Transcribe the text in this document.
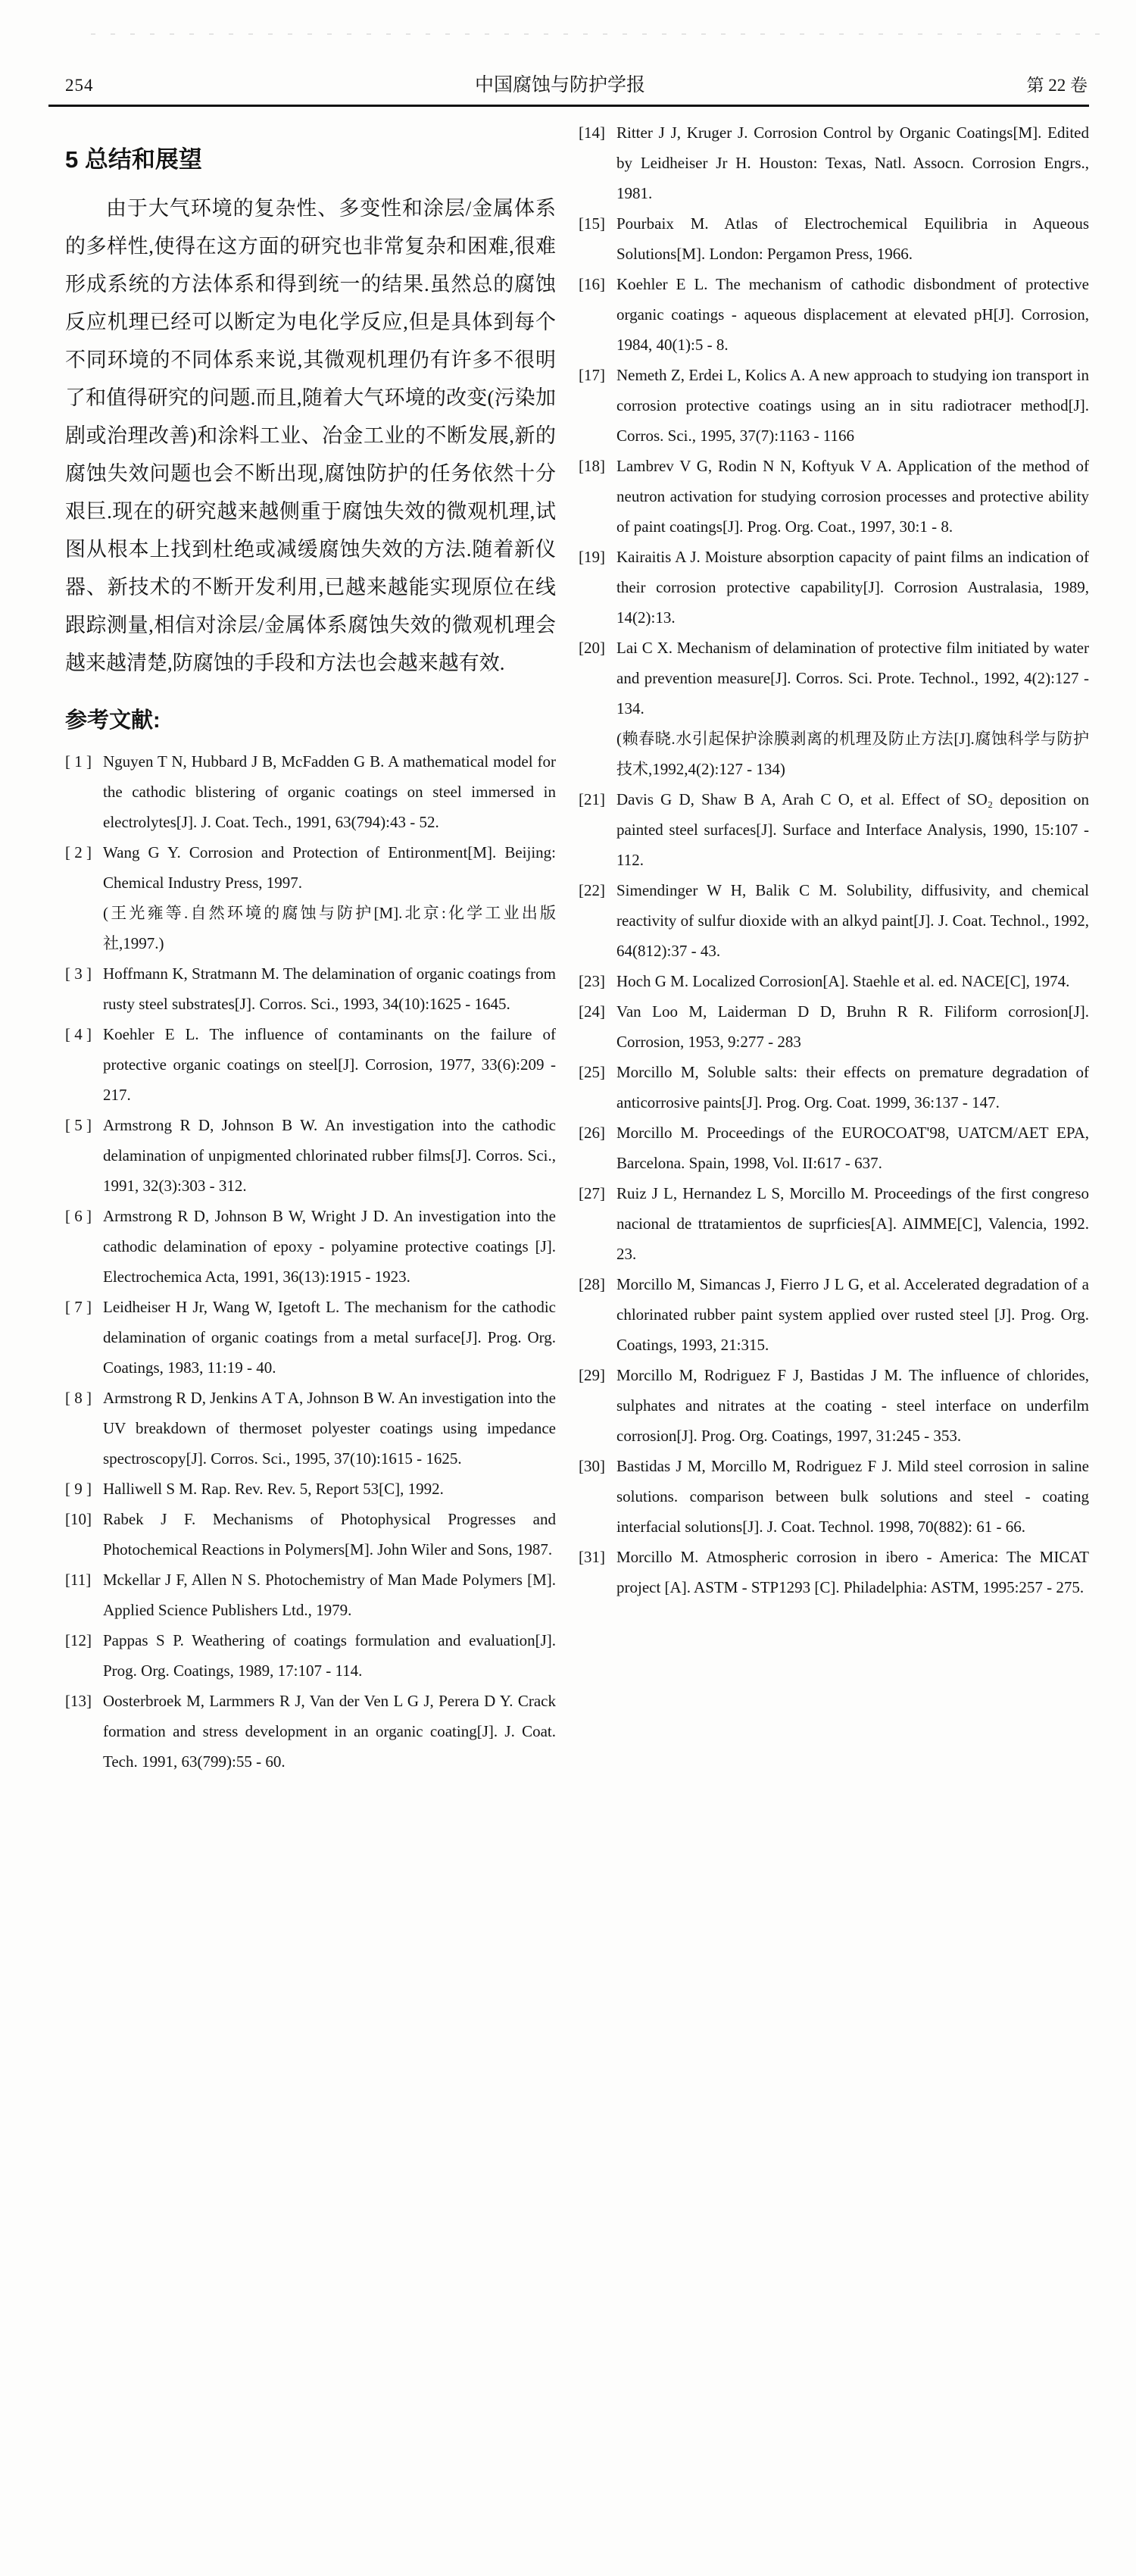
254	中国腐蚀与防护学报	第 22 卷
5 总结和展望

由于大气环境的复杂性、多变性和涂层/金属体系的多样性,使得在这方面的研究也非常复杂和困难,很难形成系统的方法体系和得到统一的结果.虽然总的腐蚀反应机理已经可以断定为电化学反应,但是具体到每个不同环境的不同体系来说,其微观机理仍有许多不很明了和值得研究的问题.而且,随着大气环境的改变(污染加剧或治理改善)和涂料工业、冶金工业的不断发展,新的腐蚀失效问题也会不断出现,腐蚀防护的任务依然十分艰巨.现在的研究越来越侧重于腐蚀失效的微观机理,试图从根本上找到杜绝或减缓腐蚀失效的方法.随着新仪器、新技术的不断开发利用,已越来越能实现原位在线跟踪测量,相信对涂层/金属体系腐蚀失效的微观机理会越来越清楚,防腐蚀的手段和方法也会越来越有效.

参考文献:
[ 1 ] Nguyen T N, Hubbard J B, McFadden G B. A mathematical model for the cathodic blistering of organic coatings on steel immersed in electrolytes[J]. J. Coat. Tech., 1991, 63(794):43 - 52.
[ 2 ] Wang G Y. Corrosion and Protection of Entironment[M]. Beijing: Chemical Industry Press, 1997.
(王光雍等.自然环境的腐蚀与防护[M].北京:化学工业出版社,1997.)
[ 3 ] Hoffmann K, Stratmann M. The delamination of organic coatings from rusty steel substrates[J]. Corros. Sci., 1993, 34(10):1625 - 1645.
[ 4 ] Koehler E L. The influence of contaminants on the failure of protective organic coatings on steel[J]. Corrosion, 1977, 33(6):209 - 217.
[ 5 ] Armstrong R D, Johnson B W. An investigation into the cathodic delamination of unpigmented chlorinated rubber films[J]. Corros. Sci., 1991, 32(3):303 - 312.
[ 6 ] Armstrong R D, Johnson B W, Wright J D. An investigation into the cathodic delamination of epoxy - polyamine protective coatings [J]. Electrochemica Acta, 1991, 36(13):1915 - 1923.
[ 7 ] Leidheiser H Jr, Wang W, Igetoft L. The mechanism for the cathodic delamination of organic coatings from a metal surface[J]. Prog. Org. Coatings, 1983, 11:19 - 40.
[ 8 ] Armstrong R D, Jenkins A T A, Johnson B W. An investigation into the UV breakdown of thermoset polyester coatings using impedance spectroscopy[J]. Corros. Sci., 1995, 37(10):1615 - 1625.
[ 9 ] Halliwell S M. Rap. Rev. Rev. 5, Report 53[C], 1992.
[10] Rabek J F. Mechanisms of Photophysical Progresses and Photochemical Reactions in Polymers[M]. John Wiler and Sons, 1987.
[11] Mckellar J F, Allen N S. Photochemistry of Man Made Polymers [M]. Applied Science Publishers Ltd., 1979.
[12] Pappas S P. Weathering of coatings formulation and evaluation[J]. Prog. Org. Coatings, 1989, 17:107 - 114.
[13] Oosterbroek M, Larmmers R J, Van der Ven L G J, Perera D Y. Crack formation and stress development in an organic coating[J]. J. Coat. Tech. 1991, 63(799):55 - 60.
[14] Ritter J J, Kruger J. Corrosion Control by Organic Coatings[M]. Edited by Leidheiser Jr H. Houston: Texas, Natl. Assocn. Corrosion Engrs., 1981.
[15] Pourbaix M. Atlas of Electrochemical Equilibria in Aqueous Solutions[M]. London: Pergamon Press, 1966.
[16] Koehler E L. The mechanism of cathodic disbondment of protective organic coatings - aqueous displacement at elevated pH[J]. Corrosion, 1984, 40(1):5 - 8.
[17] Nemeth Z, Erdei L, Kolics A. A new approach to studying ion transport in corrosion protective coatings using an in situ radiotracer method[J]. Corros. Sci., 1995, 37(7):1163 - 1166
[18] Lambrev V G, Rodin N N, Koftyuk V A. Application of the method of neutron activation for studying corrosion processes and protective ability of paint coatings[J]. Prog. Org. Coat., 1997, 30:1 - 8.
[19] Kairaitis A J. Moisture absorption capacity of paint films an indication of their corrosion protective capability[J]. Corrosion Australasia, 1989, 14(2):13.
[20] Lai C X. Mechanism of delamination of protective film initiated by water and prevention measure[J]. Corros. Sci. Prote. Technol., 1992, 4(2):127 - 134.
(赖春晓.水引起保护涂膜剥离的机理及防止方法[J].腐蚀科学与防护技术,1992,4(2):127 - 134)
[21] Davis G D, Shaw B A, Arah C O, et al. Effect of SO₂ deposition on painted steel surfaces[J]. Surface and Interface Analysis, 1990, 15:107 - 112.
[22] Simendinger W H, Balik C M. Solubility, diffusivity, and chemical reactivity of sulfur dioxide with an alkyd paint[J]. J. Coat. Technol., 1992, 64(812):37 - 43.
[23] Hoch G M. Localized Corrosion[A]. Staehle et al. ed. NACE[C], 1974.
[24] Van Loo M, Laiderman D D, Bruhn R R. Filiform corrosion[J]. Corrosion, 1953, 9:277 - 283
[25] Morcillo M, Soluble salts: their effects on premature degradation of anticorrosive paints[J]. Prog. Org. Coat. 1999, 36:137 - 147.
[26] Morcillo M. Proceedings of the EUROCOAT'98, UATCM/AET EPA, Barcelona. Spain, 1998, Vol. II:617 - 637.
[27] Ruiz J L, Hernandez L S, Morcillo M. Proceedings of the first congreso nacional de ttratamientos de suprficies[A]. AIMME[C], Valencia, 1992. 23.
[28] Morcillo M, Simancas J, Fierro J L G, et al. Accelerated degradation of a chlorinated rubber paint system applied over rusted steel [J]. Prog. Org. Coatings, 1993, 21:315.
[29] Morcillo M, Rodriguez F J, Bastidas J M. The influence of chlorides, sulphates and nitrates at the coating - steel interface on underfilm corrosion[J]. Prog. Org. Coatings, 1997, 31:245 - 353.
[30] Bastidas J M, Morcillo M, Rodriguez F J. Mild steel corrosion in saline solutions. comparison between bulk solutions and steel - coating interfacial solutions[J]. J. Coat. Technol. 1998, 70(882): 61 - 66.
[31] Morcillo M. Atmospheric corrosion in ibero - America: The MICAT project [A]. ASTM - STP1293 [C]. Philadelphia: ASTM, 1995:257 - 275.
